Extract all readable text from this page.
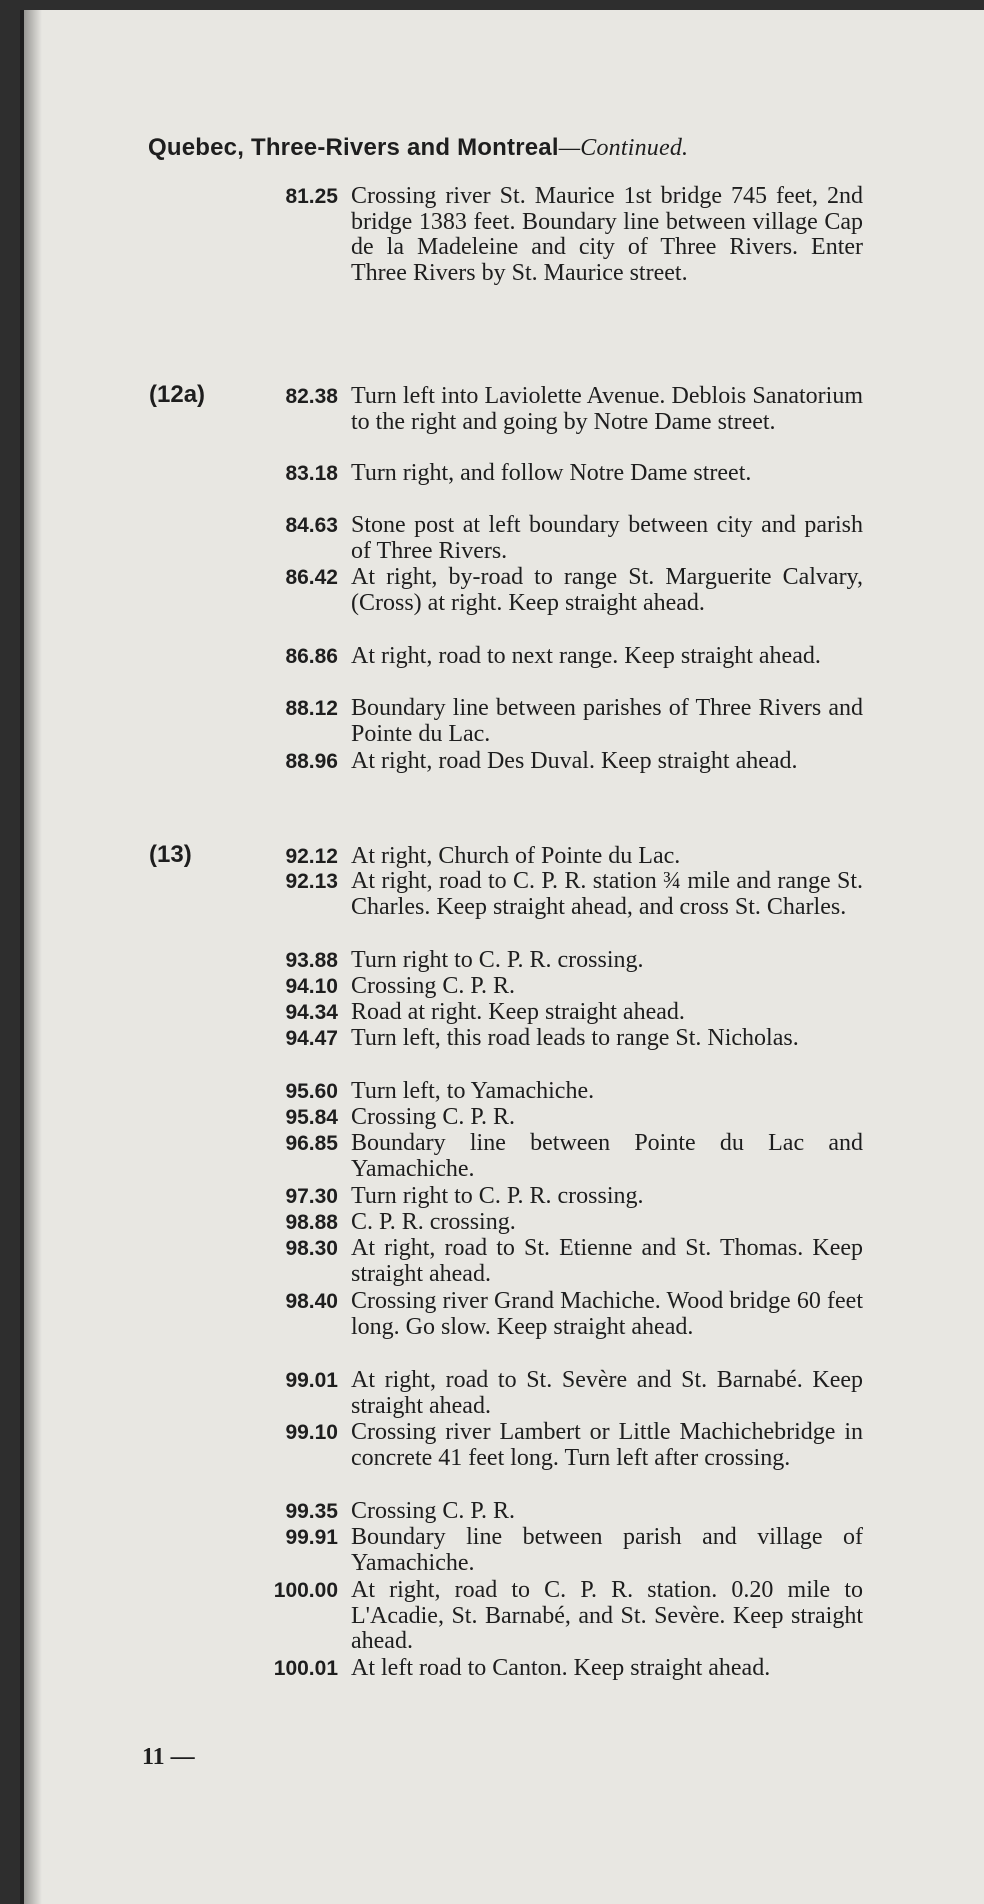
Quebec, Three-Rivers and Montreal—Continued.
(12a)
(13)
81.25 Crossing river St. Maurice 1st bridge 745 feet, 2nd bridge 1383 feet. Boundary line between village Cap de la Madeleine and city of Three Rivers. Enter Three Rivers by St. Maurice street.
82.38 Turn left into Laviolette Avenue. Deblois Sanatorium to the right and going by Notre Dame street.
83.18 Turn right, and follow Notre Dame street.
84.63 Stone post at left boundary between city and parish of Three Rivers.
86.42 At right, by-road to range St. Marguerite Calvary, (Cross) at right. Keep straight ahead.
86.86 At right, road to next range. Keep straight ahead.
88.12 Boundary line between parishes of Three Rivers and Pointe du Lac.
88.96 At right, road Des Duval. Keep straight ahead.
92.12 At right, Church of Pointe du Lac.
92.13 At right, road to C. P. R. station ¾ mile and range St. Charles. Keep straight ahead, and cross St. Charles.
93.88 Turn right to C. P. R. crossing.
94.10 Crossing C. P. R.
94.34 Road at right. Keep straight ahead.
94.47 Turn left, this road leads to range St. Nicholas.
95.60 Turn left, to Yamachiche.
95.84 Crossing C. P. R.
96.85 Boundary line between Pointe du Lac and Yamachiche.
97.30 Turn right to C. P. R. crossing.
98.88 C. P. R. crossing.
98.30 At right, road to St. Etienne and St. Thomas. Keep straight ahead.
98.40 Crossing river Grand Machiche. Wood bridge 60 feet long. Go slow. Keep straight ahead.
99.01 At right, road to St. Sevère and St. Barnabé. Keep straight ahead.
99.10 Crossing river Lambert or Little Machichebridge in concrete 41 feet long. Turn left after crossing.
99.35 Crossing C. P. R.
99.91 Boundary line between parish and village of Yamachiche.
100.00 At right, road to C. P. R. station. 0.20 mile to L'Acadie, St. Barnabé, and St. Sevère. Keep straight ahead.
100.01 At left road to Canton. Keep straight ahead.
11 —
